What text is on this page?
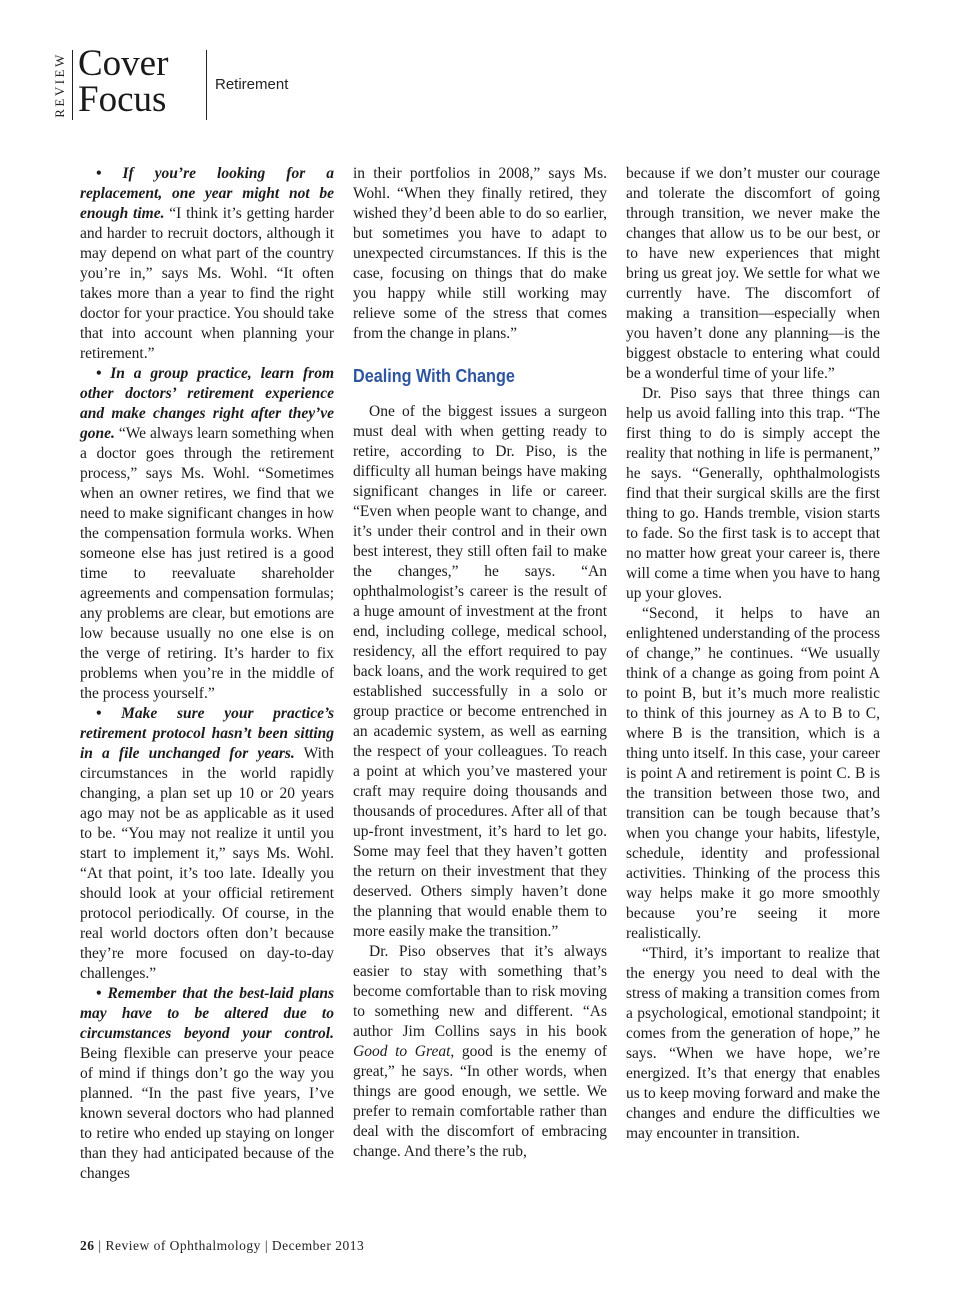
REVIEW Cover
Focus	Retirement

• If you’re looking for a replacement, one year might not be enough time. “I think it’s getting harder and harder to recruit doctors, although it may depend on what part of the country you’re in,” says Ms. Wohl. “It often takes more than a year to find the right doctor for your practice. You should take that into account when planning your retirement.”

• In a group practice, learn from other doctors’ retirement experience and make changes right after they’ve gone. “We always learn something when a doctor goes through the retirement process,” says Ms. Wohl. “Sometimes when an owner retires, we find that we need to make significant changes in how the compensation formula works. When someone else has just retired is a good time to reevaluate shareholder agreements and compensation formulas; any problems are clear, but emotions are low because usually no one else is on the verge of retiring. It’s harder to fix problems when you’re in the middle of the process yourself.”

• Make sure your practice’s retirement protocol hasn’t been sitting in a file unchanged for years. With circumstances in the world rapidly changing, a plan set up 10 or 20 years ago may not be as applicable as it used to be. “You may not realize it until you start to implement it,” says Ms. Wohl. “At that point, it’s too late. Ideally you should look at your official retirement protocol periodically. Of course, in the real world doctors often don’t because they’re more focused on day-to-day challenges.”

• Remember that the best-laid plans may have to be altered due to circumstances beyond your control. Being flexible can preserve your peace of mind if things don’t go the way you planned. “In the past five years, I’ve known several doctors who had planned to retire who ended up staying on longer than they had anticipated because of the changes

in their portfolios in 2008,” says Ms. Wohl. “When they finally retired, they wished they’d been able to do so earlier, but sometimes you have to adapt to unexpected circumstances. If this is the case, focusing on things that do make you happy while still working may relieve some of the stress that comes from the change in plans.”

Dealing With Change

One of the biggest issues a surgeon must deal with when getting ready to retire, according to Dr. Piso, is the difficulty all human beings have making significant changes in life or career. “Even when people want to change, and it’s under their control and in their own best interest, they still often fail to make the changes,” he says. “An ophthalmologist’s career is the result of a huge amount of investment at the front end, including college, medical school, residency, all the effort required to pay back loans, and the work required to get established successfully in a solo or group practice or become entrenched in an academic system, as well as earning the respect of your colleagues. To reach a point at which you’ve mastered your craft may require doing thousands and thousands of procedures. After all of that up-front investment, it’s hard to let go. Some may feel that they haven’t gotten the return on their investment that they deserved. Others simply haven’t done the planning that would enable them to more easily make the transition.”

Dr. Piso observes that it’s always easier to stay with something that’s become comfortable than to risk moving to something new and different. “As author Jim Collins says in his book Good to Great, good is the enemy of great,” he says. “In other words, when things are good enough, we settle. We prefer to remain comfortable rather than deal with the discomfort of embracing change. And there’s the rub,

because if we don’t muster our courage and tolerate the discomfort of going through transition, we never make the changes that allow us to be our best, or to have new experiences that might bring us great joy. We settle for what we currently have. The discomfort of making a transition—especially when you haven’t done any planning—is the biggest obstacle to entering what could be a wonderful time of your life.”

Dr. Piso says that three things can help us avoid falling into this trap. “The first thing to do is simply accept the reality that nothing in life is permanent,” he says. “Generally, ophthalmologists find that their surgical skills are the first thing to go. Hands tremble, vision starts to fade. So the first task is to accept that no matter how great your career is, there will come a time when you have to hang up your gloves.

“Second, it helps to have an enlightened understanding of the process of change,” he continues. “We usually think of a change as going from point A to point B, but it’s much more realistic to think of this journey as A to B to C, where B is the transition, which is a thing unto itself. In this case, your career is point A and retirement is point C. B is the transition between those two, and transition can be tough because that’s when you change your habits, lifestyle, schedule, identity and professional activities. Thinking of the process this way helps make it go more smoothly because you’re seeing it more realistically.

“Third, it’s important to realize that the energy you need to deal with the stress of making a transition comes from a psychological, emotional standpoint; it comes from the generation of hope,” he says. “When we have hope, we’re energized. It’s that energy that enables us to keep moving forward and make the changes and endure the difficulties we may encounter in transition.

26 | Review of Ophthalmology | December 2013
